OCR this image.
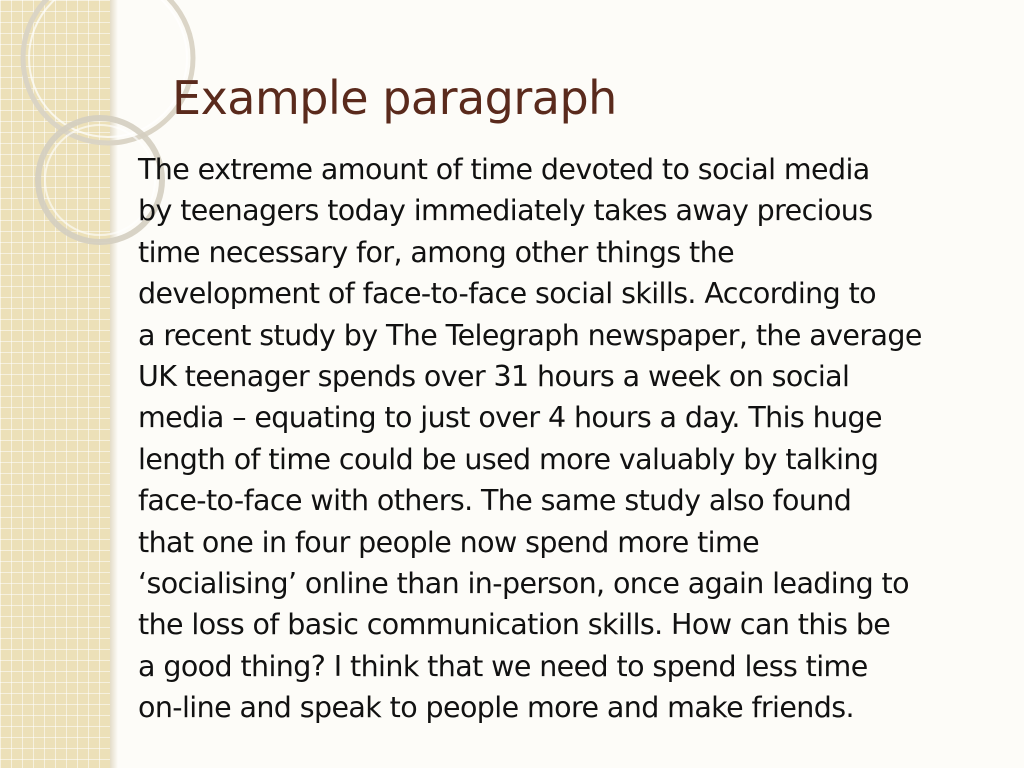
Example paragraph
The extreme amount of time devoted to social media
by teenagers today immediately takes away precious
time necessary for, among other things the
development of face-to-face social skills. According to
a recent study by The Telegraph newspaper, the average
UK teenager spends over 31 hours a week on social
media – equating to just over 4 hours a day. This huge
length of time could be used more valuably by talking
face-to-face with others. The same study also found
that one in four people now spend more time
‘socialising’ online than in-person, once again leading to
the loss of basic communication skills. How can this be
a good thing? I think that we need to spend less time
on-line and speak to people more and make friends.
